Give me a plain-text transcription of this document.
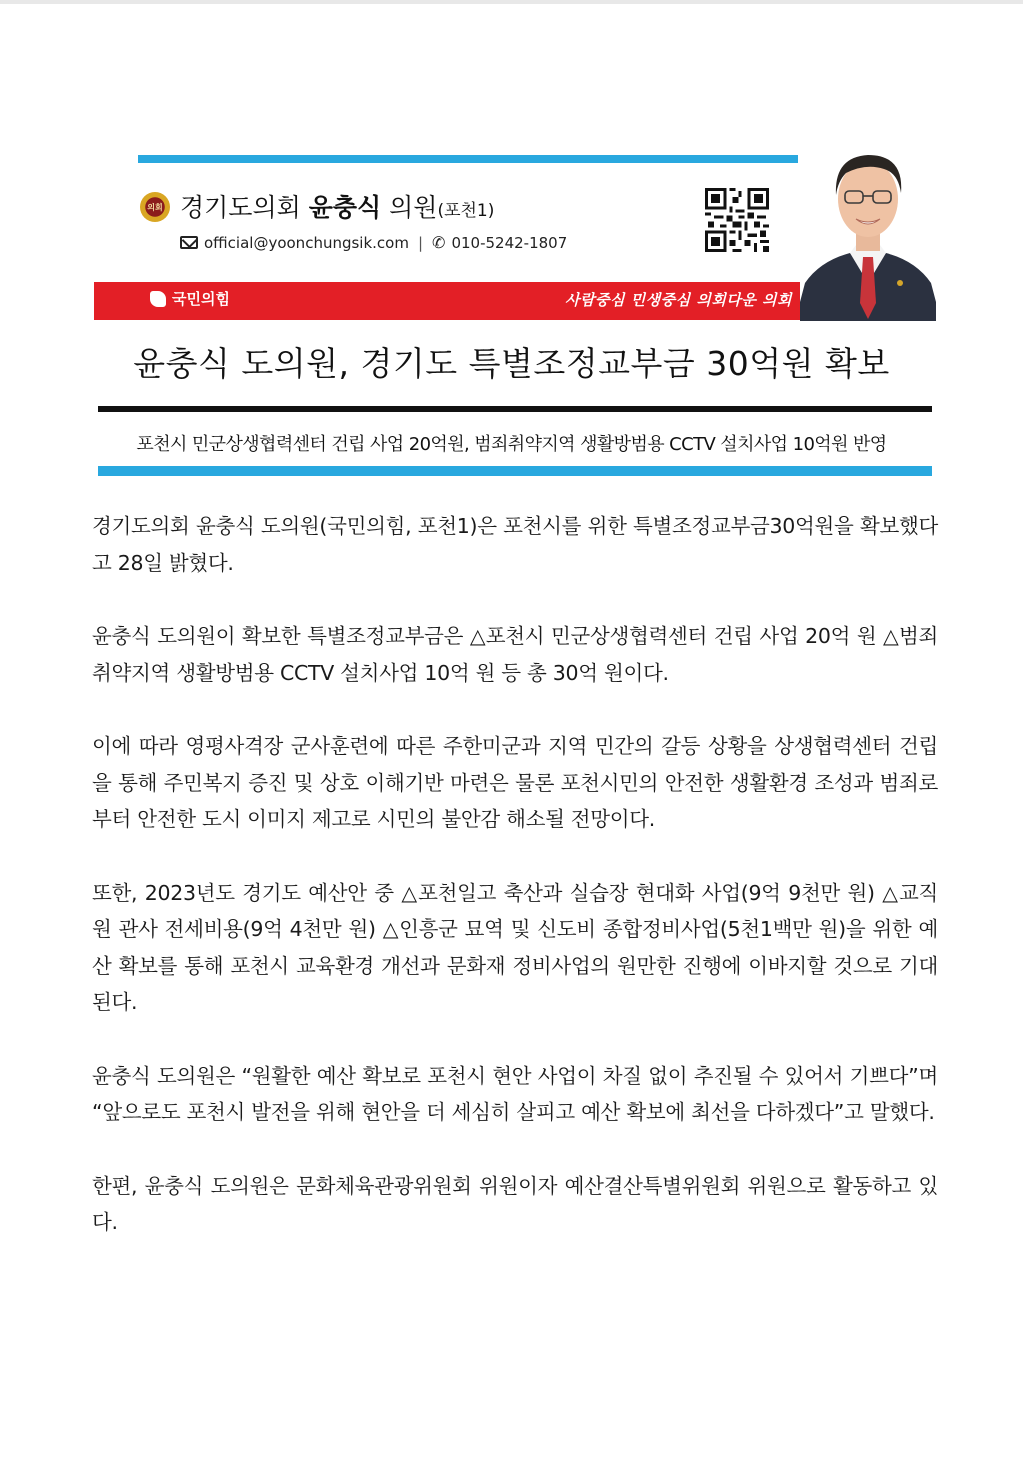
의회 경기도의회 윤충식 의원(포천1)
official@yoonchungsik.com | ✆ 010-5242-1807
국민의힘	사람중심 민생중심 의회다운 의회
윤충식 도의원, 경기도 특별조정교부금 30억원 확보
포천시 민군상생협력센터 건립 사업 20억원, 범죄취약지역 생활방범용 CCTV 설치사업 10억원 반영

경기도의회 윤충식 도의원(국민의힘, 포천1)은 포천시를 위한 특별조정교부금30억원을 확보했다고 28일 밝혔다.

윤충식 도의원이 확보한 특별조정교부금은 △포천시 민군상생협력센터 건립 사업 20억 원 △범죄취약지역 생활방범용 CCTV 설치사업 10억 원 등 총 30억 원이다.

이에 따라 영평사격장 군사훈련에 따른 주한미군과 지역 민간의 갈등 상황을 상생협력센터 건립을 통해 주민복지 증진 및 상호 이해기반 마련은 물론 포천시민의 안전한 생활환경 조성과 범죄로부터 안전한 도시 이미지 제고로 시민의 불안감 해소될 전망이다.

또한, 2023년도 경기도 예산안 중 △포천일고 축산과 실습장 현대화 사업(9억 9천만 원) △교직원 관사 전세비용(9억 4천만 원) △인흥군 묘역 및 신도비 종합정비사업(5천1백만 원)을 위한 예산 확보를 통해 포천시 교육환경 개선과 문화재 정비사업의 원만한 진행에 이바지할 것으로 기대된다.

윤충식 도의원은 “원활한 예산 확보로 포천시 현안 사업이 차질 없이 추진될 수 있어서 기쁘다”며 “앞으로도 포천시 발전을 위해 현안을 더 세심히 살피고 예산 확보에 최선을 다하겠다”고 말했다.

한편, 윤충식 도의원은 문화체육관광위원회 위원이자 예산결산특별위원회 위원으로 활동하고 있다.
